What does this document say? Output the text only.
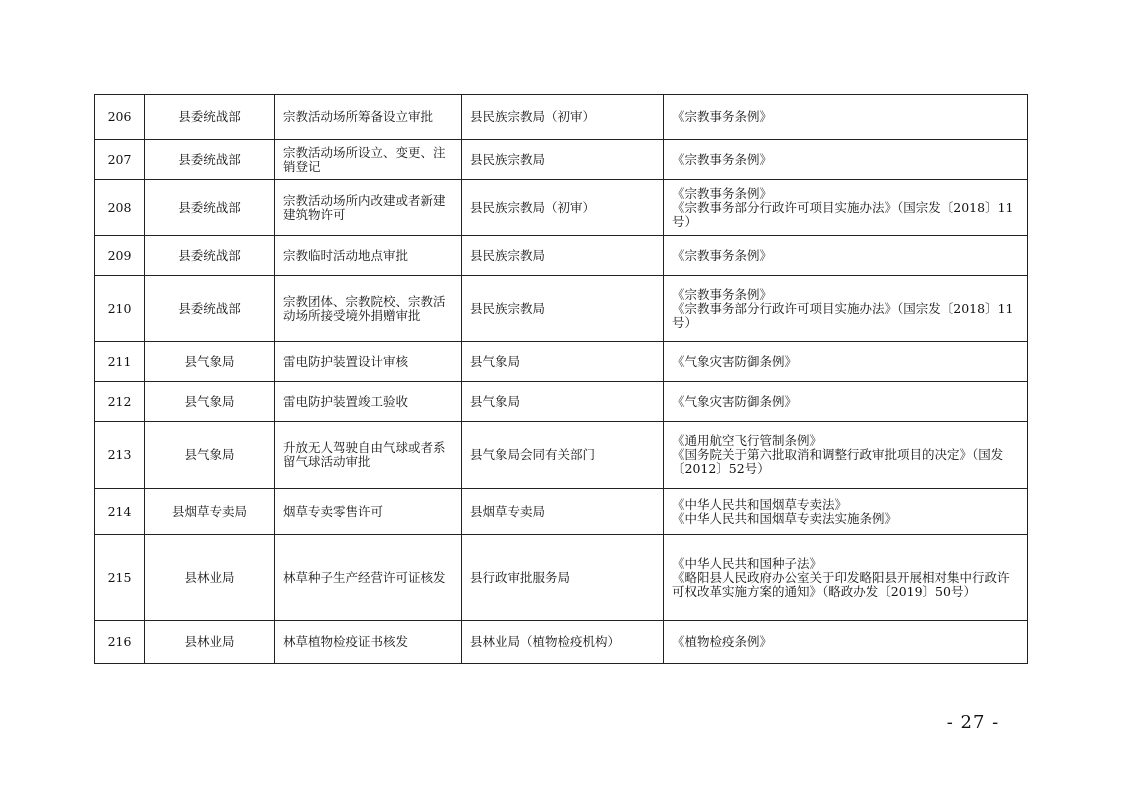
206	县委统战部	宗教活动场所筹备设立审批	县民族宗教局（初审）	《宗教事务条例》
207	县委统战部	宗教活动场所设立、变更、注销登记	县民族宗教局	《宗教事务条例》
208	县委统战部	宗教活动场所内改建或者新建建筑物许可	县民族宗教局（初审）	《宗教事务条例》
《宗教事务部分行政许可项目实施办法》（国宗发〔2018〕11号）
209	县委统战部	宗教临时活动地点审批	县民族宗教局	《宗教事务条例》
210	县委统战部	宗教团体、宗教院校、宗教活动场所接受境外捐赠审批	县民族宗教局	《宗教事务条例》
《宗教事务部分行政许可项目实施办法》（国宗发〔2018〕11号）
211	县气象局	雷电防护装置设计审核	县气象局	《气象灾害防御条例》
212	县气象局	雷电防护装置竣工验收	县气象局	《气象灾害防御条例》
213	县气象局	升放无人驾驶自由气球或者系留气球活动审批	县气象局会同有关部门	《通用航空飞行管制条例》
《国务院关于第六批取消和调整行政审批项目的决定》（国发〔2012〕52号）
214	县烟草专卖局	烟草专卖零售许可	县烟草专卖局	《中华人民共和国烟草专卖法》
《中华人民共和国烟草专卖法实施条例》
215	县林业局	林草种子生产经营许可证核发	县行政审批服务局	《中华人民共和国种子法》
《略阳县人民政府办公室关于印发略阳县开展相对集中行政许可权改革实施方案的通知》（略政办发〔2019〕50号）
216	县林业局	林草植物检疫证书核发	县林业局（植物检疫机构）	《植物检疫条例》
- 27 -
